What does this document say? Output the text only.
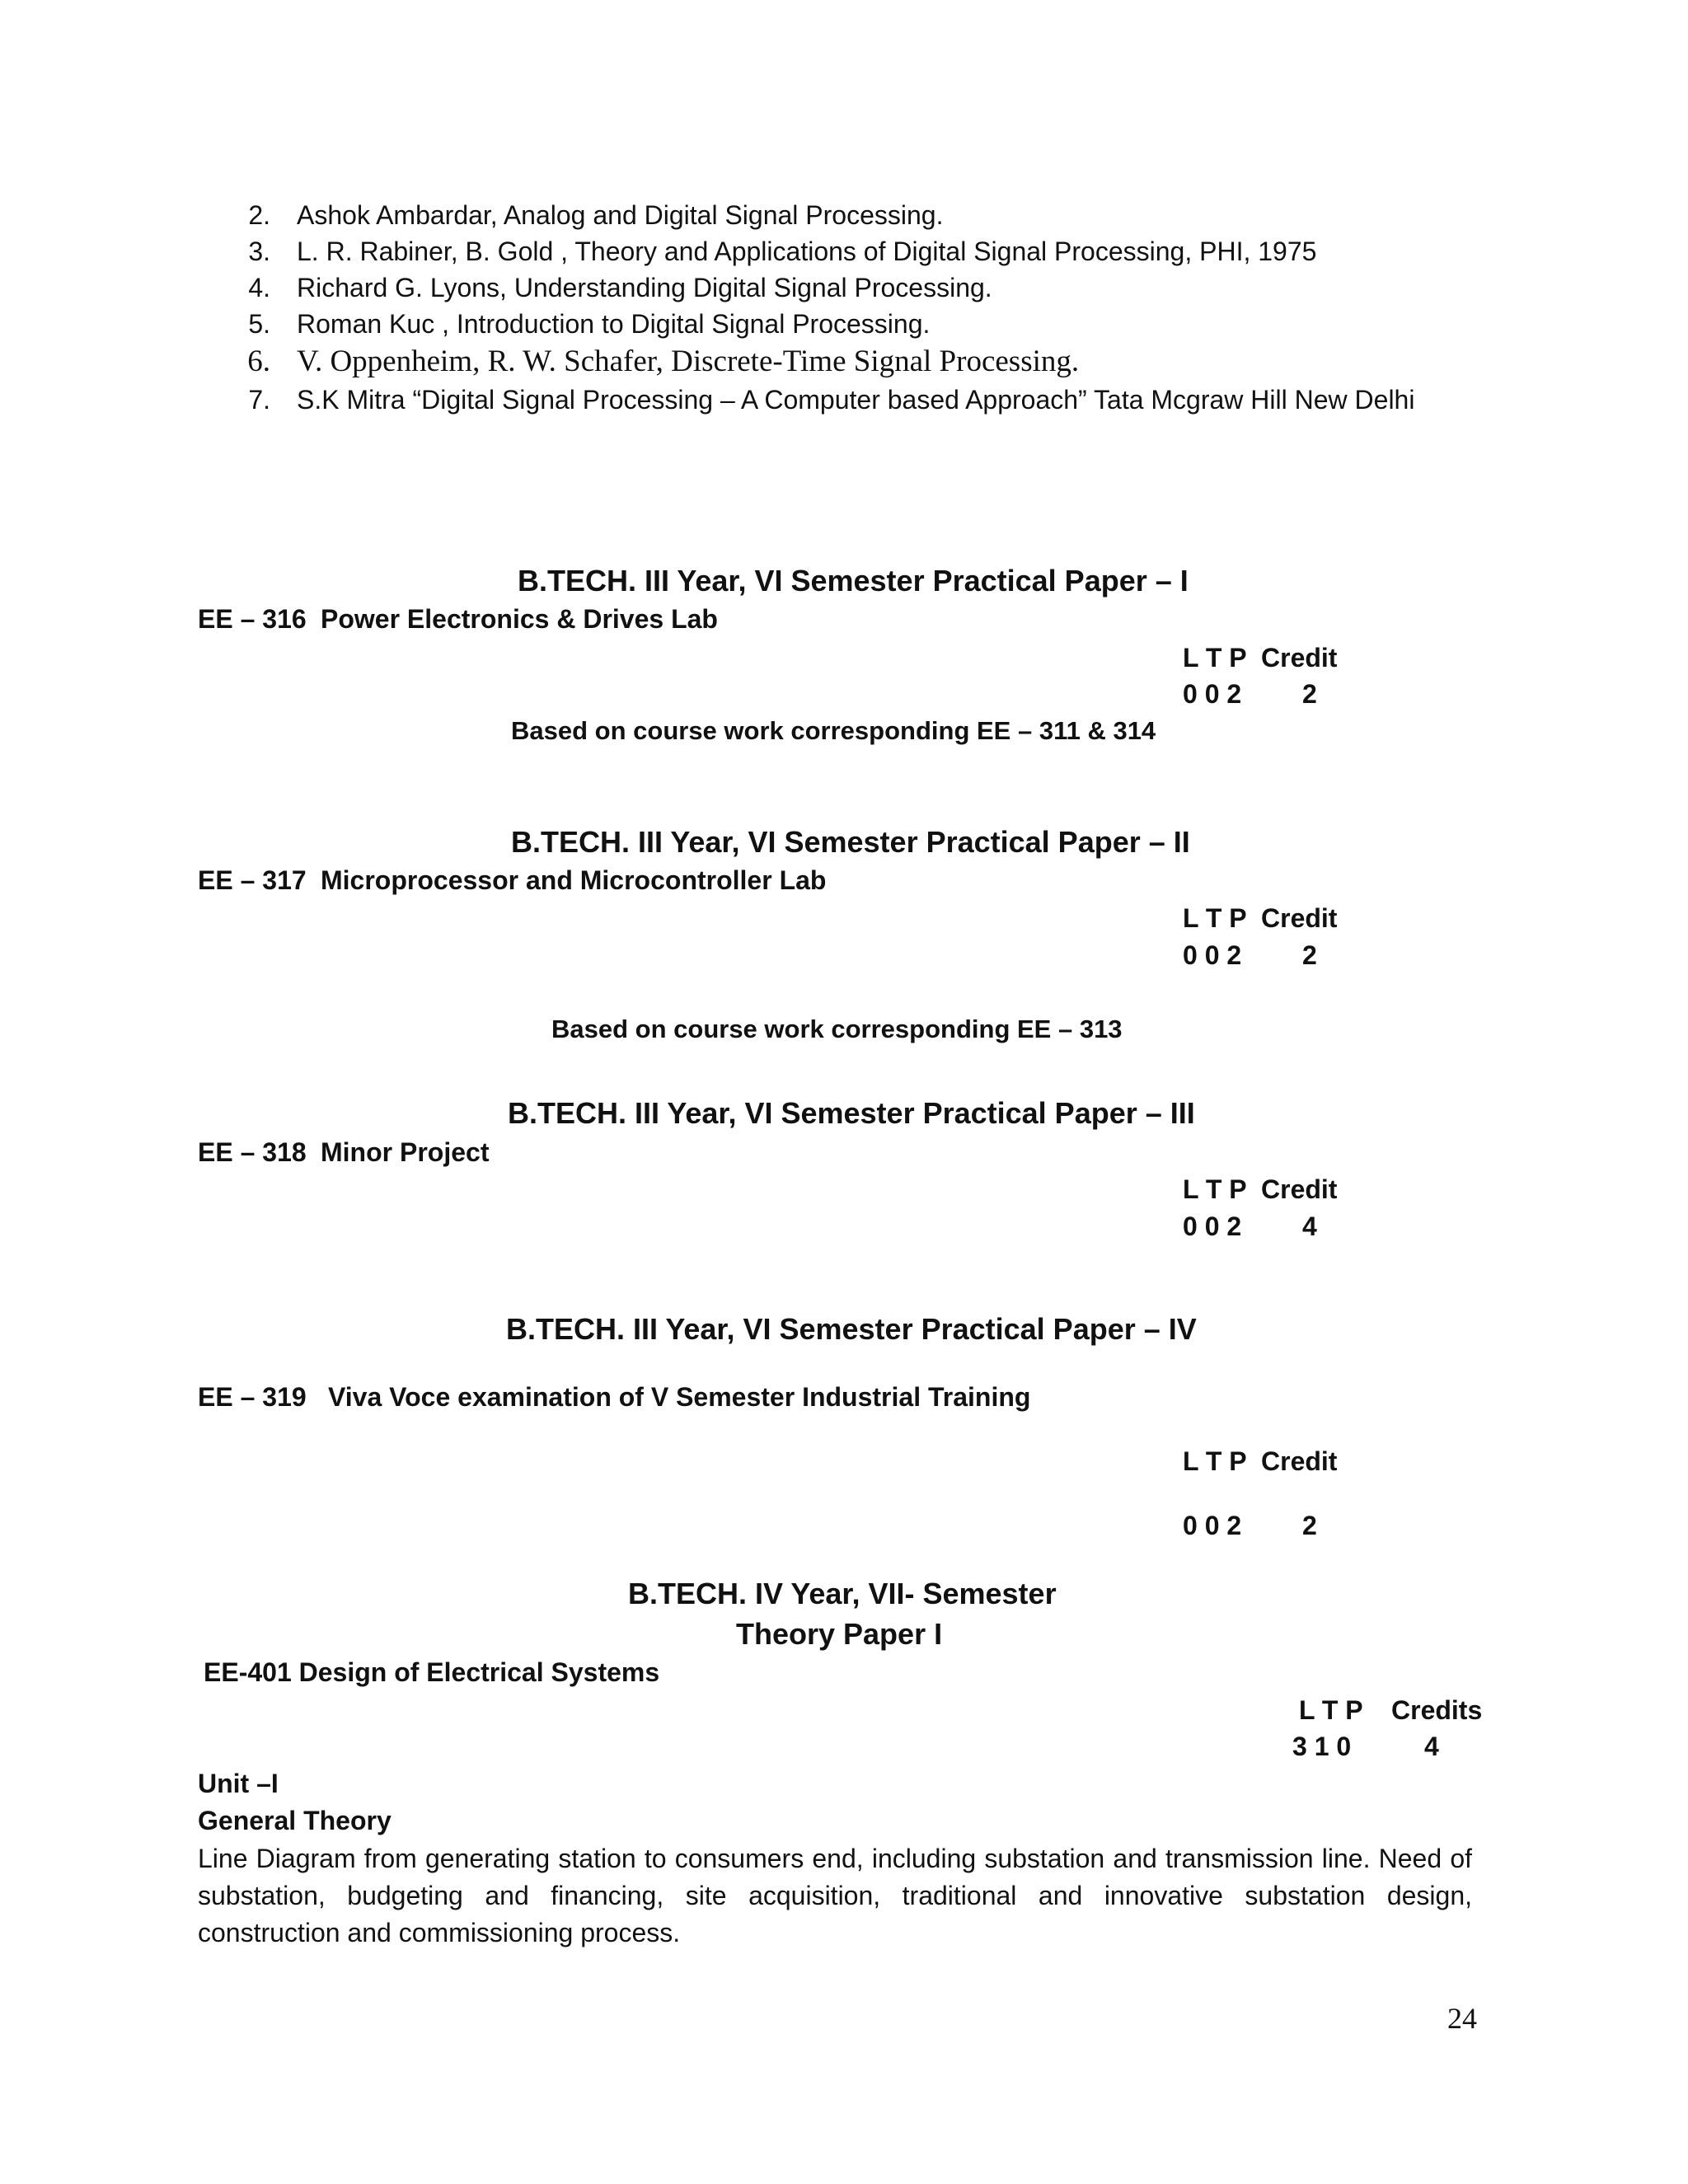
2. Ashok Ambardar, Analog and Digital Signal Processing.
3. L. R. Rabiner, B. Gold , Theory and Applications of Digital Signal Processing, PHI, 1975
4. Richard G. Lyons, Understanding Digital Signal Processing.
5. Roman Kuc , Introduction to Digital Signal Processing.
6. V. Oppenheim, R. W. Schafer, Discrete-Time Signal Processing.
7. S.K Mitra “Digital Signal Processing – A Computer based Approach” Tata Mcgraw Hill New Delhi
B.TECH. III Year, VI Semester Practical Paper – I
EE – 316 Power Electronics & Drives Lab
L T P Credit
0 0 2 2
Based on course work corresponding EE – 311 & 314
B.TECH. III Year, VI Semester Practical Paper – II
EE – 317 Microprocessor and Microcontroller Lab
L T P Credit
0 0 2 2
Based on course work corresponding EE – 313
B.TECH. III Year, VI Semester Practical Paper – III
EE – 318 Minor Project
L T P Credit
0 0 2 4
B.TECH. III Year, VI Semester Practical Paper – IV
EE – 319 Viva Voce examination of V Semester Industrial Training
L T P Credit
0 0 2 2
B.TECH. IV Year, VII- Semester
Theory Paper I
EE-401 Design of Electrical Systems
L T P Credits
3 1 0	4
Unit –I
General Theory
Line Diagram from generating station to consumers end, including substation and transmission line. Need of substation, budgeting and financing, site acquisition, traditional and innovative substation design, construction and commissioning process.
24
